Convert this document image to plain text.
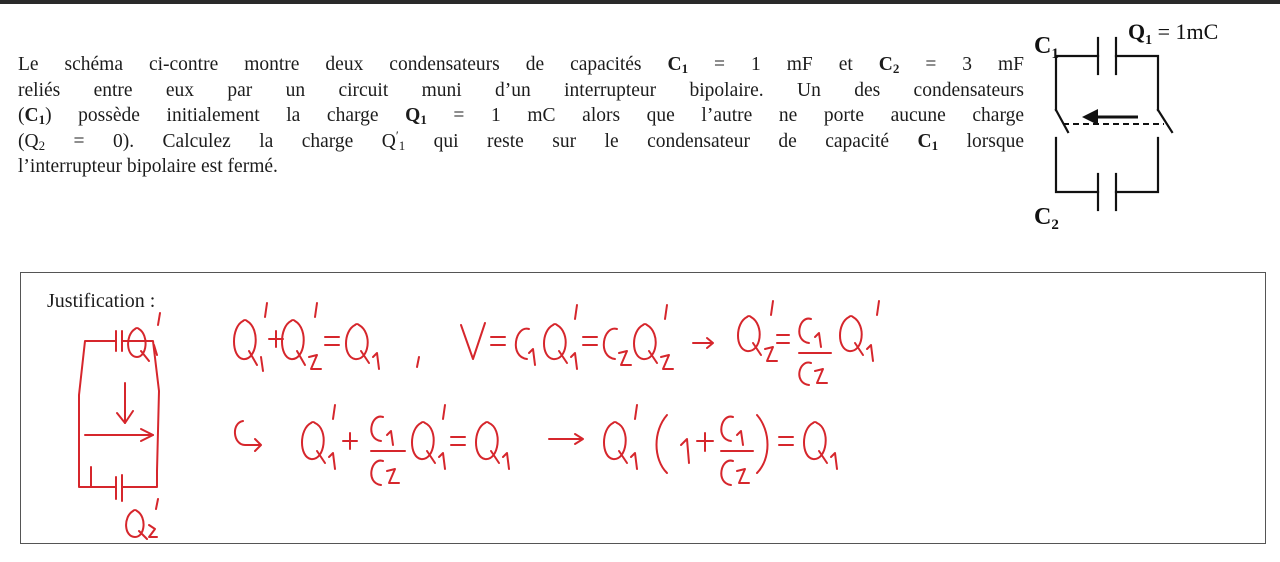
Le schéma ci-contre montre deux condensateurs de capacités $C_1 = 1$ mF et $C_2 = 3$ mF
reliés entre eux par un circuit muni d’un interrupteur bipolaire. Un des condensateurs
$(C_1)$ possède initialement la charge $Q_1 = 1$ mC alors que l’autre ne porte aucune charge
$(Q_2 = 0)$. Calculez la charge $Q'_1$ qui reste sur le condensateur de capacité $C_1$ lorsque
l’interrupteur bipolaire est fermé.
$C_1$
$Q_1 = 1mC$
$C_2$
Justification :
Q₁′ + Q₂′ = Q₁ , V = C₁Q₁′ = C₂Q₂′ → Q₂′ = (C₁/C₂) Q₁′
↪ Q₁′ + (C₁/C₂) Q₁′ = Q₁ ⟶ Q₁′ (1 + C₁/C₂) = Q₁
Q₁′
Q₂′
